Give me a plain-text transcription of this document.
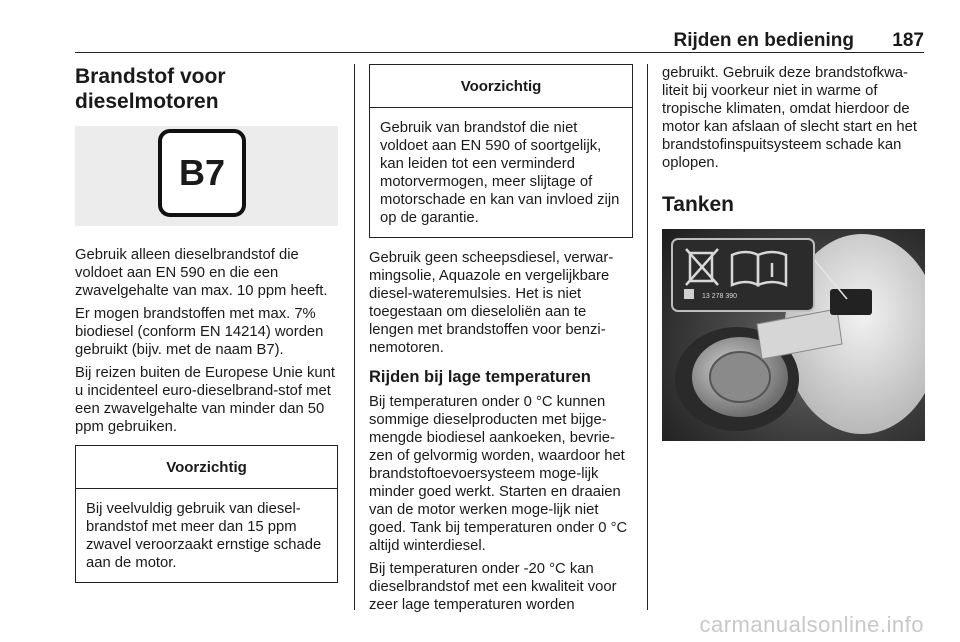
Rijden en bediening 187
Brandstof voor
dieselmotoren
B7

Gebruik alleen dieselbrandstof die voldoet aan EN 590 en die een zwavelgehalte van max. 10 ppm heeft.

Er mogen brandstoffen met max. 7% biodiesel (conform EN 14214) worden gebruikt (bijv. met de naam B7).

Bij reizen buiten de Europese Unie kunt u incidenteel euro-dieselbrand-stof met een zwavelgehalte van minder dan 50 ppm gebruiken.

Voorzichtig

Bij veelvuldig gebruik van diesel-brandstof met meer dan 15 ppm zwavel veroorzaakt ernstige schade aan de motor.

Voorzichtig

Gebruik van brandstof die niet voldoet aan EN 590 of soortgelijk, kan leiden tot een verminderd motorvermogen, meer slijtage of motorschade en kan van invloed zijn op de garantie.

Gebruik geen scheepsdiesel, verwar-mingsolie, Aquazole en vergelijkbare diesel-wateremulsies. Het is niet toegestaan om dieseloliën aan te lengen met brandstoffen voor benzi-nemotoren.

Rijden bij lage temperaturen

Bij temperaturen onder 0 °C kunnen sommige dieselproducten met bijge-mengde biodiesel aankoeken, bevrie-zen of gelvormig worden, waardoor het brandstoftoevoersysteem moge-lijk minder goed werkt. Starten en draaien van de motor werken moge-lijk niet goed. Tank bij temperaturen onder 0 °C altijd winterdiesel.

Bij temperaturen onder -20 °C kan dieselbrandstof met een kwaliteit voor zeer lage temperaturen worden

gebruikt. Gebruik deze brandstofkwa-liteit bij voorkeur niet in warme of tropische klimaten, omdat hierdoor de motor kan afslaan of slecht start en het brandstofinspuitsysteem schade kan oplopen.

Tanken
13 278 390
carmanualsonline.info
